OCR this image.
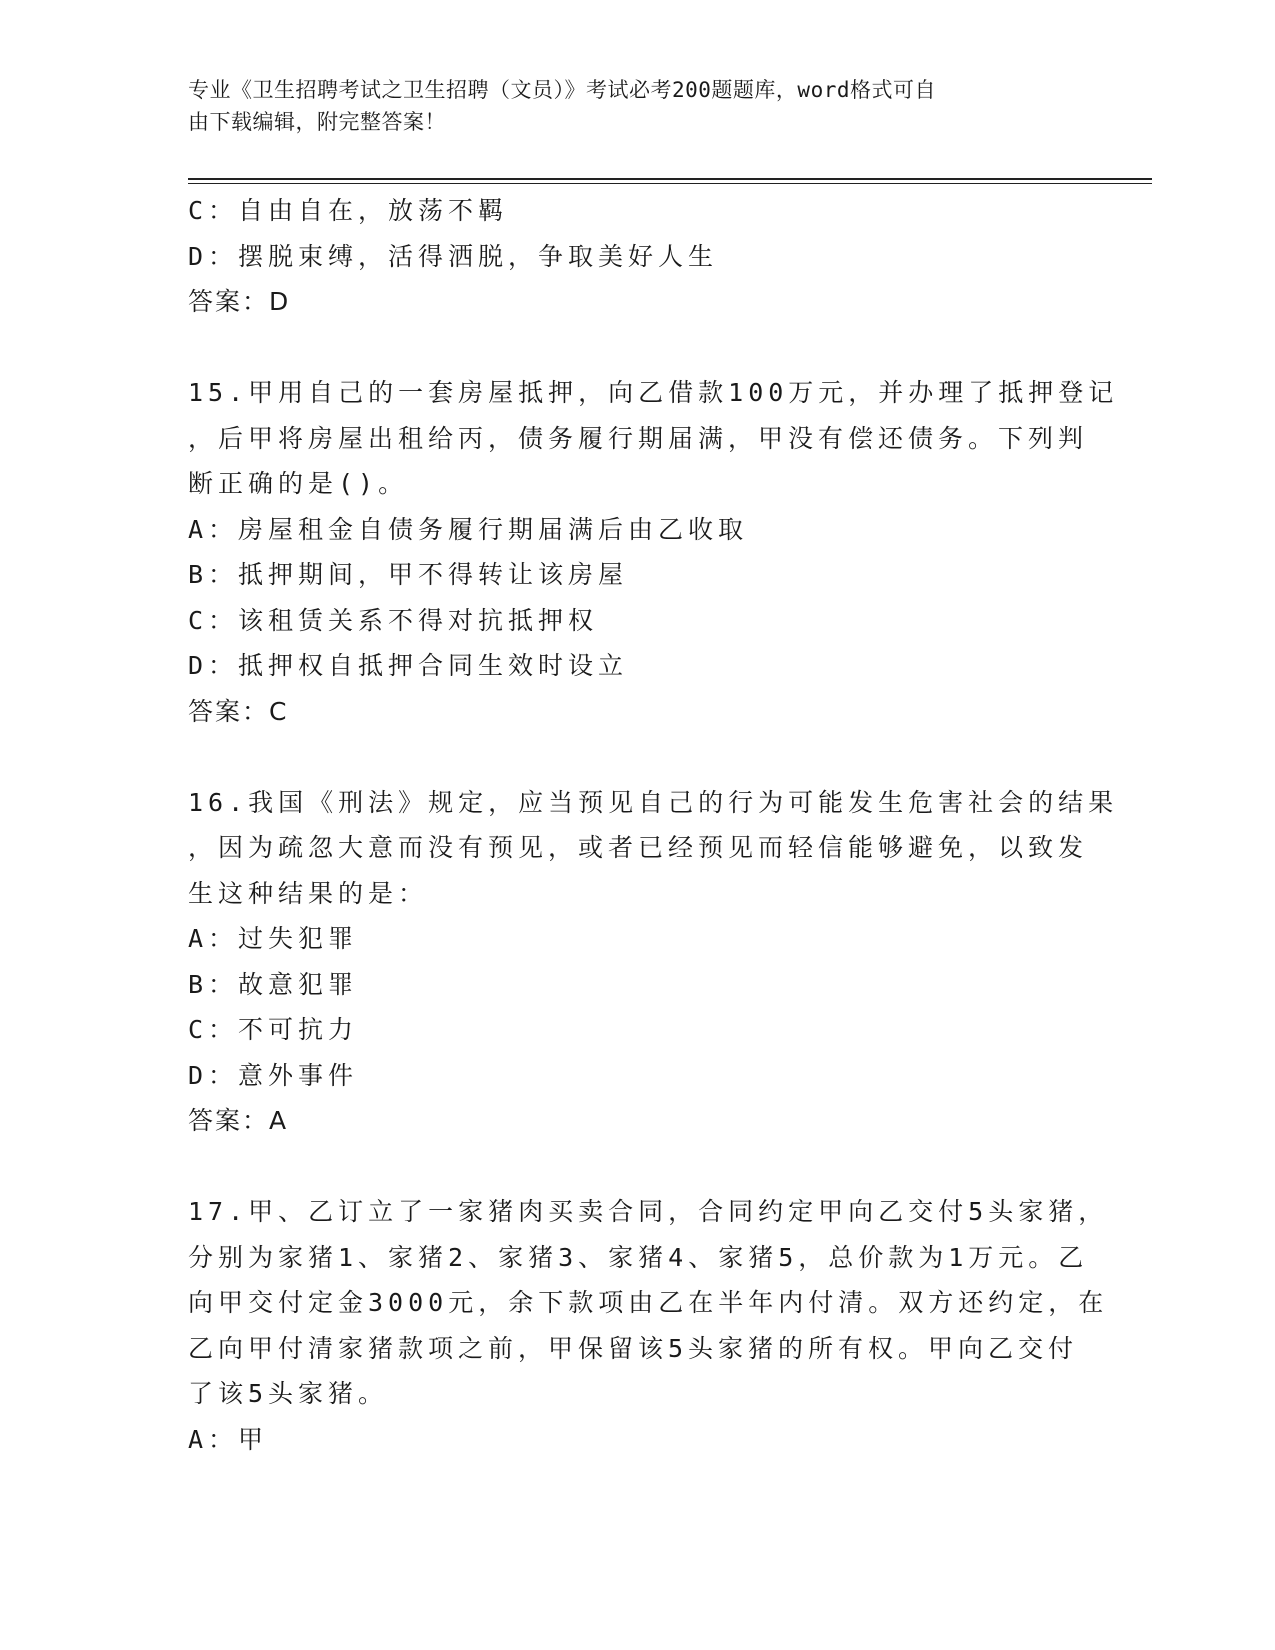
专业《卫生招聘考试之卫生招聘（文员）》考试必考200题题库，word格式可自
由下载编辑，附完整答案！
C：自由自在，放荡不羁
D：摆脱束缚，活得洒脱，争取美好人生
答案：D
15.甲用自己的一套房屋抵押，向乙借款100万元，并办理了抵押登记
，后甲将房屋出租给丙，债务履行期届满，甲没有偿还债务。下列判
断正确的是()。
A：房屋租金自债务履行期届满后由乙收取
B：抵押期间，甲不得转让该房屋
C：该租赁关系不得对抗抵押权
D：抵押权自抵押合同生效时设立
答案：C
16.我国《刑法》规定，应当预见自己的行为可能发生危害社会的结果
，因为疏忽大意而没有预见，或者已经预见而轻信能够避免，以致发
生这种结果的是：
A：过失犯罪
B：故意犯罪
C：不可抗力
D：意外事件
答案：A
17.甲、乙订立了一家猪肉买卖合同，合同约定甲向乙交付5头家猪，
分别为家猪1、家猪2、家猪3、家猪4、家猪5，总价款为1万元。乙
向甲交付定金3000元，余下款项由乙在半年内付清。双方还约定，在
乙向甲付清家猪款项之前，甲保留该5头家猪的所有权。甲向乙交付
了该5头家猪。
A：甲
